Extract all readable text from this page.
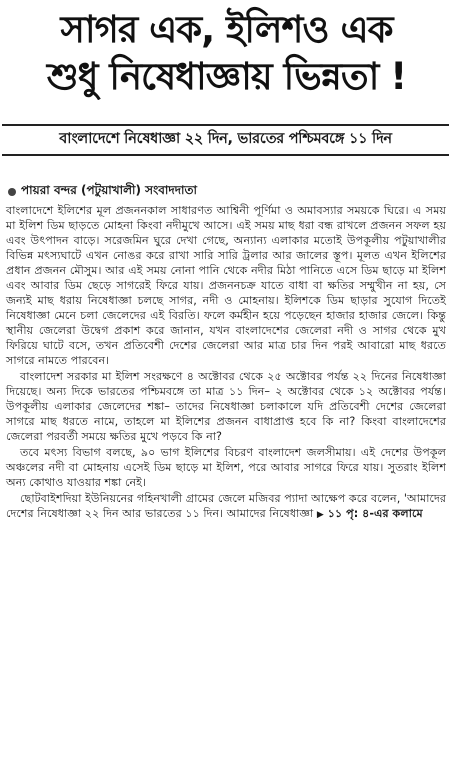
সাগর এক, ইলিশও এক
শুধু নিষেধাজ্ঞায় ভিন্নতা !
বাংলাদেশে নিষেধাজ্ঞা ২২ দিন, ভারতের পশ্চিমবঙ্গে ১১ দিন
পায়রা বন্দর (পটুয়াখালী) সংবাদদাতা

বাংলাদেশে ইলিশের মূল প্রজননকাল সাধারণত আশ্বিনী পূর্ণিমা ও অমাবস্যার সময়কে ঘিরে। এ সময় মা ইলিশ ডিম ছাড়তে মোহনা কিংবা নদীমুখে আসে। এই সময় মাছ ধরা বন্ধ রাখলে প্রজনন সফল হয় এবং উৎপাদন বাড়ে। সরেজমিন ঘুরে দেখা গেছে, অন্যান্য এলাকার মতোই উপকূলীয় পটুয়াখালীর বিভিন্ন মৎস্যঘাটে এখন নোঙর করে রাখা সারি সারি ট্রলার আর জালের স্তূপ। মূলত এখন ইলিশের প্রধান প্রজনন মৌসুম। আর এই সময় নোনা পানি থেকে নদীর মিঠা পানিতে এসে ডিম ছাড়ে মা ইলিশ এবং আবার ডিম ছেড়ে সাগরেই ফিরে যায়। প্রজননচক্র যাতে বাধা বা ক্ষতির সম্মুখীন না হয়, সে জন্যই মাছ ধরায় নিষেধাজ্ঞা চলছে সাগর, নদী ও মোহনায়। ইলিশকে ডিম ছাড়ার সুযোগ দিতেই নিষেধাজ্ঞা মেনে চলা জেলেদের এই বিরতি। ফলে কর্মহীন হয়ে পড়েছেন হাজার হাজার জেলে। কিন্তু স্থানীয় জেলেরা উদ্বেগ প্রকাশ করে জানান, যখন বাংলাদেশের জেলেরা নদী ও সাগর থেকে মুখ ফিরিয়ে ঘাটে বসে, তখন প্রতিবেশী দেশের জেলেরা আর মাত্র চার দিন পরই আবারো মাছ ধরতে সাগরে নামতে পারবেন।

বাংলাদেশ সরকার মা ইলিশ সংরক্ষণে ৪ অক্টোবর থেকে ২৫ অক্টোবর পর্যন্ত ২২ দিনের নিষেধাজ্ঞা দিয়েছে। অন্য দিকে ভারতের পশ্চিমবঙ্গে তা মাত্র ১১ দিন– ২ অক্টোবর থেকে ১২ অক্টোবর পর্যন্ত। উপকূলীয় এলাকার জেলেদের শঙ্কা– তাদের নিষেধাজ্ঞা চলাকালে যদি প্রতিবেশী দেশের জেলেরা সাগরে মাছ ধরতে নামে, তাহলে মা ইলিশের প্রজনন বাধাপ্রাপ্ত হবে কি না? কিংবা বাংলাদেশের জেলেরা পরবর্তী সময়ে ক্ষতির মুখে পড়বে কি না?

তবে মৎস্য বিভাগ বলছে, ৯০ ভাগ ইলিশের বিচরণ বাংলাদেশ জলসীমায়। এই দেশের উপকূল অঞ্চলের নদী বা মোহনায় এসেই ডিম ছাড়ে মা ইলিশ, পরে আবার সাগরে ফিরে যায়। সুতরাং ইলিশ অন্য কোথাও যাওয়ার শঙ্কা নেই।

ছোটবাইশদিয়া ইউনিয়নের গহিনখালী গ্রামের জেলে মজিবর প্যাদা আক্ষেপ করে বলেন, 'আমাদের দেশের নিষেধাজ্ঞা ২২ দিন আর ভারতের ১১ দিন। আমাদের নিষেধাজ্ঞা ▶ ১১ পৃ: ৪-এর কলামে
